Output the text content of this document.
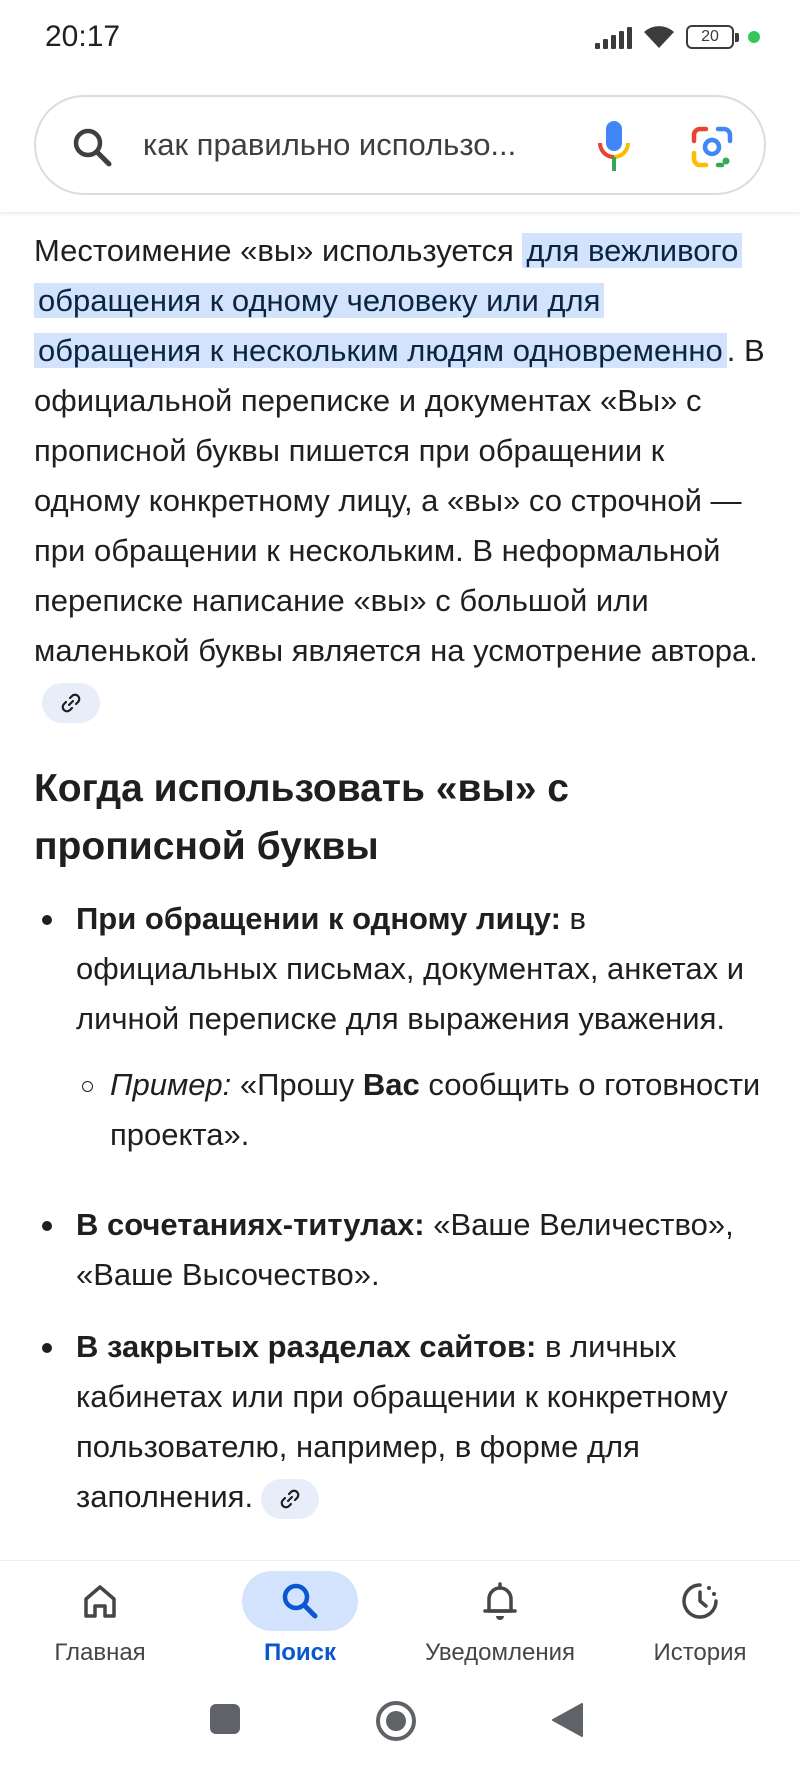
20:17	20
как правильно использо...

Местоимение «вы» используется для вежливого обращения к одному человеку или для обращения к нескольким людям одновременно . В официальной переписке и документах «Вы» с прописной буквы пишется при обращении к одному конкретному лицу, а «вы» со строчной — при обращении к нескольким. В неформальной переписке написание «вы» с большой или маленькой буквы является на усмотрение автора.

Когда использовать «вы» с прописной буквы
При обращении к одному лицу: в официальных письмах, документах, анкетах и личной переписке для выражения уважения.
Пример: «Прошу Вас сообщить о готовности проекта».
В сочетаниях-титулах: «Ваше Величество», «Ваше Высочество».
В закрытых разделах сайтов: в личных кабинетах или при обращении к конкретному пользователю, например, в форме для заполнения.
Главная	Поиск	Уведомления	История
